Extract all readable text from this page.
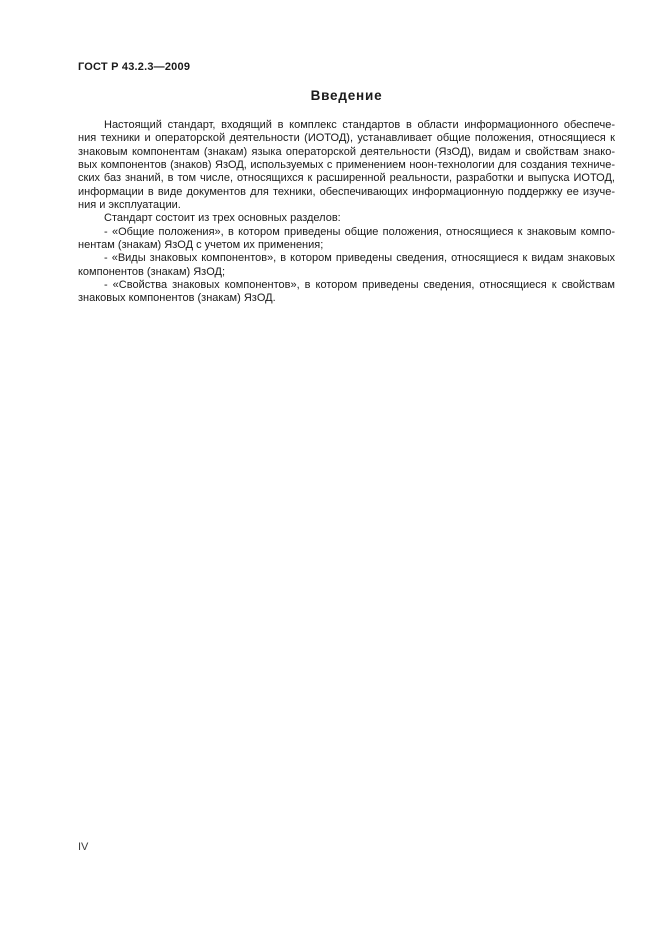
ГОСТ Р 43.2.3—2009
Введение
Настоящий стандарт, входящий в комплекс стандартов в области информационного обеспече-
ния техники и операторской деятельности (ИОТОД), устанавливает общие положения, относящиеся к
знаковым компонентам (знакам) языка операторской деятельности (ЯзОД), видам и свойствам знако-
вых компонентов (знаков) ЯзОД, используемых с применением ноон-технологии для создания техниче-
ских баз знаний, в том числе, относящихся к расширенной реальности, разработки и выпуска ИОТОД,
информации в виде документов для техники, обеспечивающих информационную поддержку ее изуче-
ния и эксплуатации.
Стандарт состоит из трех основных разделов:
- «Общие положения», в котором приведены общие положения, относящиеся к знаковым компо-
нентам (знакам) ЯзОД с учетом их применения;
- «Виды знаковых компонентов», в котором приведены сведения, относящиеся к видам знаковых
компонентов (знакам) ЯзОД;
- «Свойства знаковых компонентов», в котором приведены сведения, относящиеся к свойствам
знаковых компонентов (знакам) ЯзОД.
IV
